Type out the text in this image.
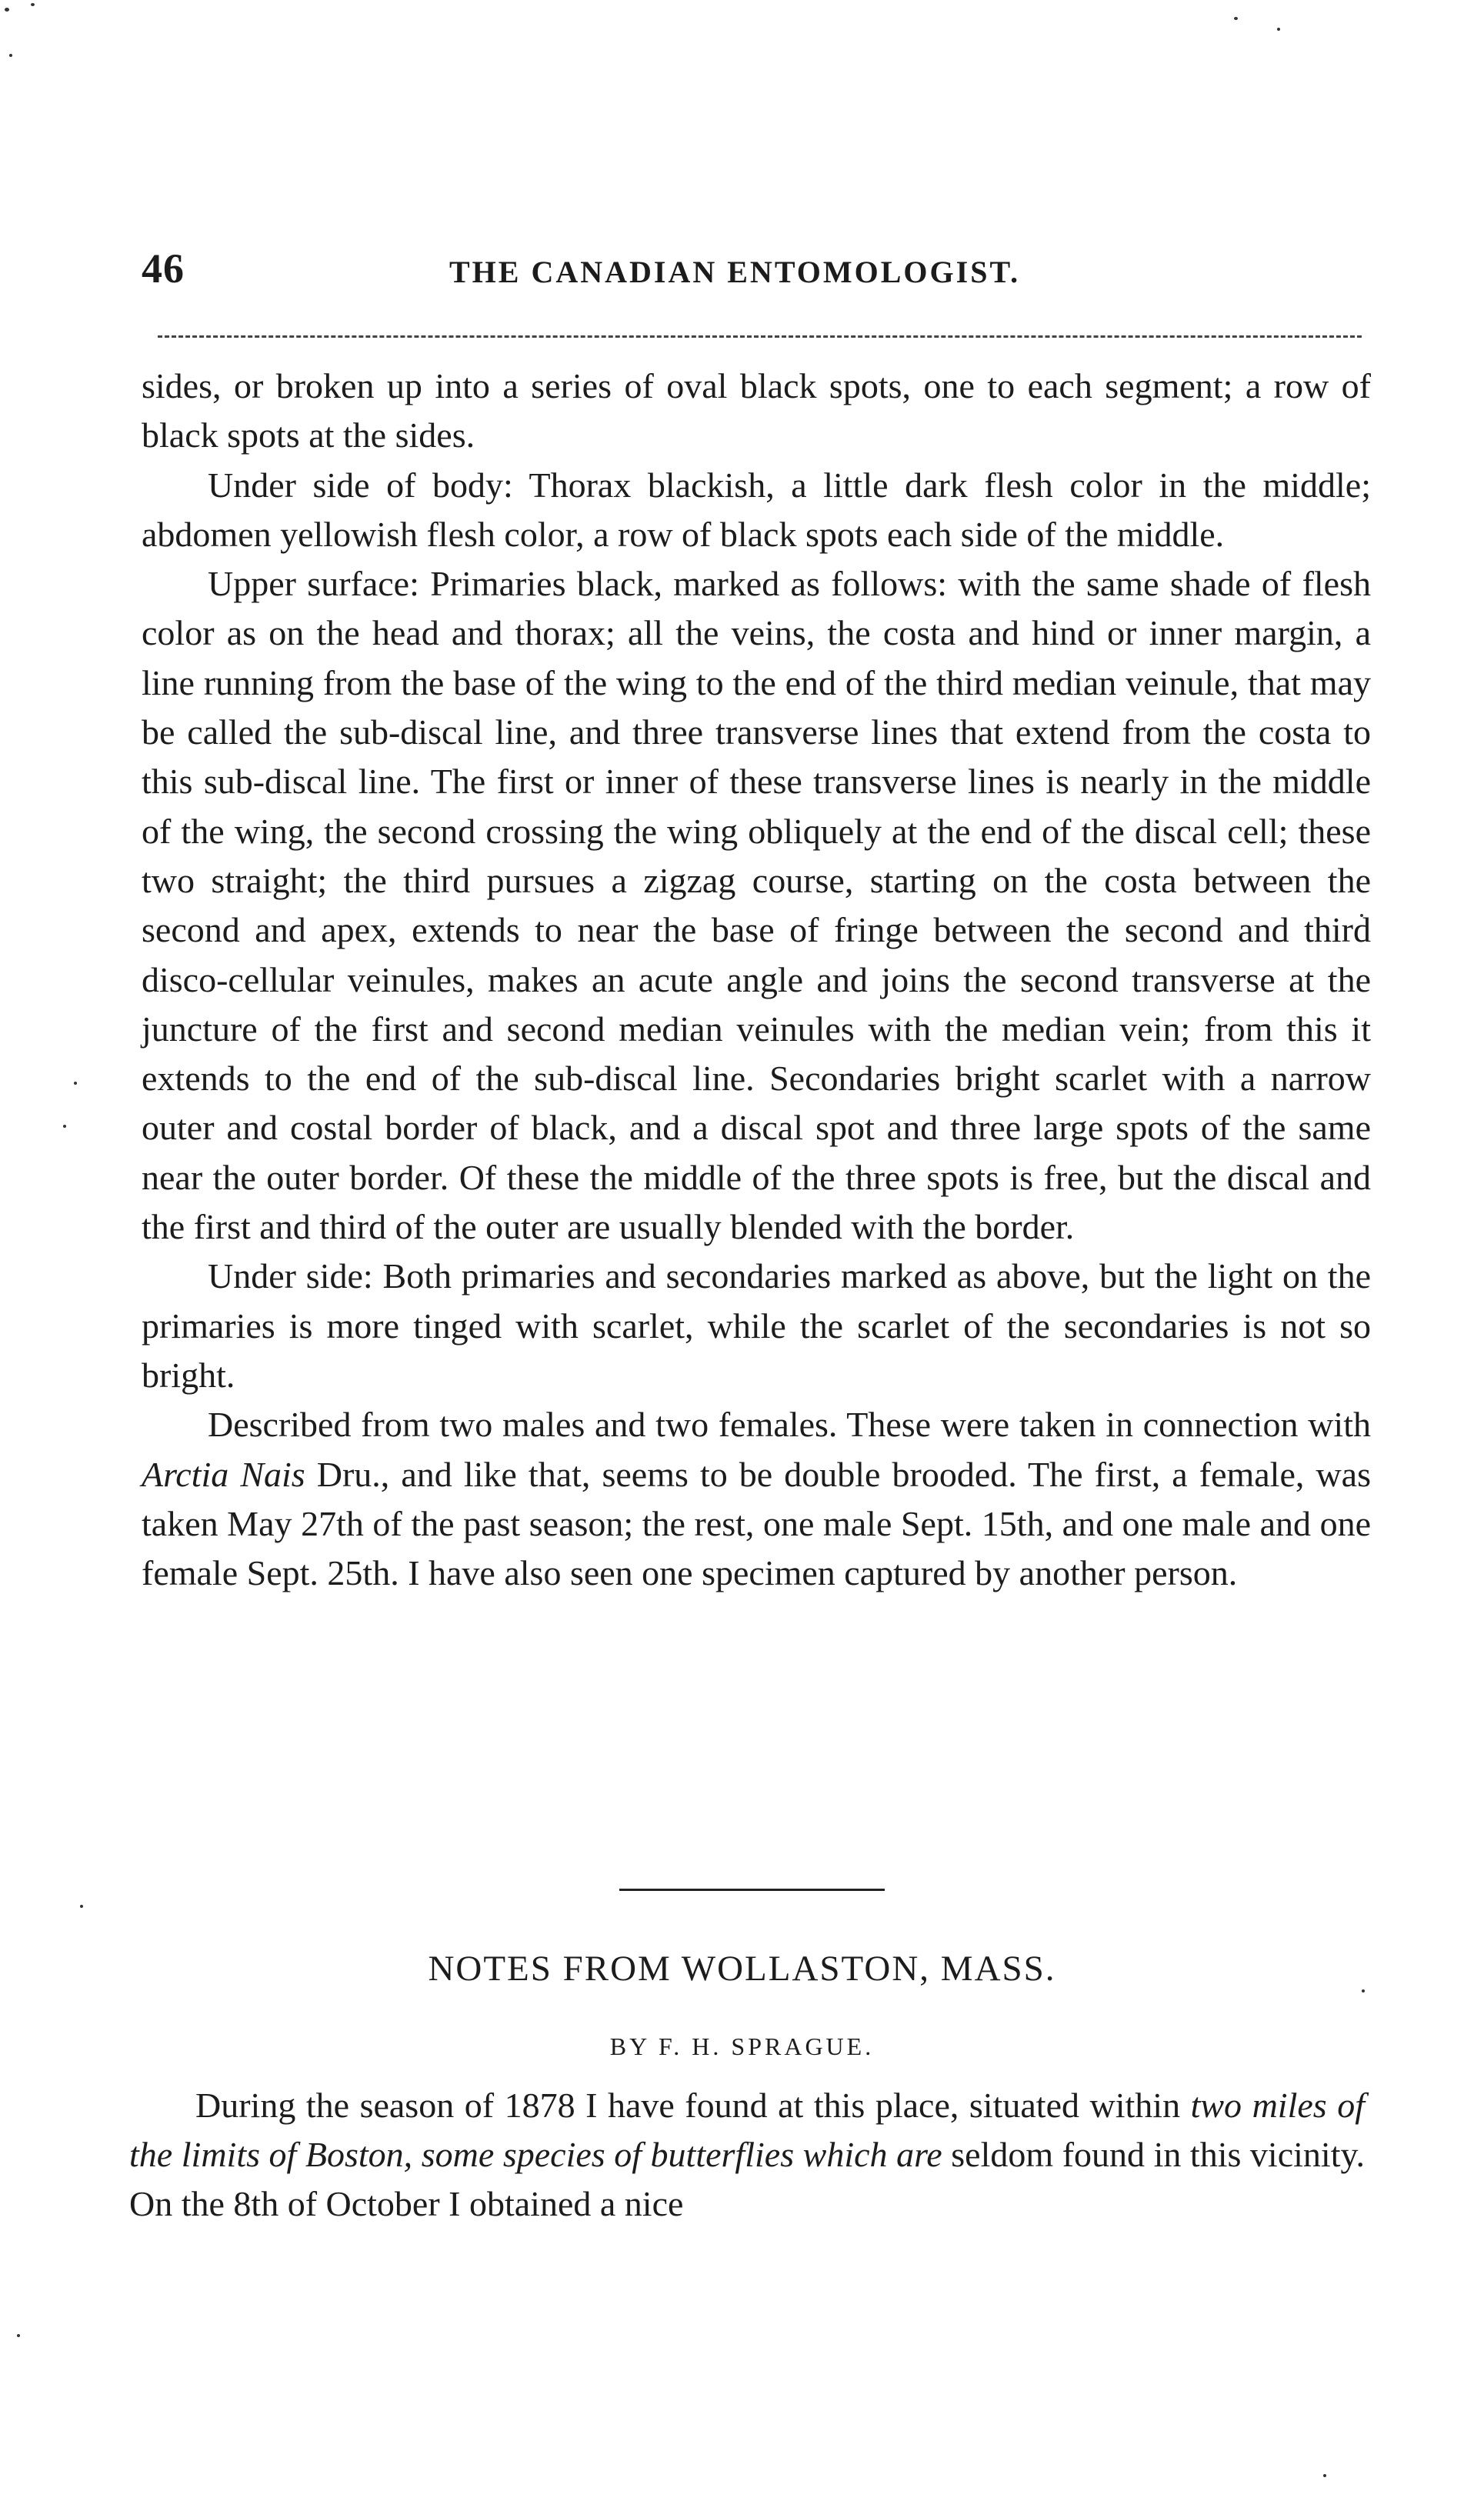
46	THE CANADIAN ENTOMOLOGIST.

sides, or broken up into a series of oval black spots, one to each segment; a row of black spots at the sides.

Under side of body: Thorax blackish, a little dark flesh color in the middle; abdomen yellowish flesh color, a row of black spots each side of the middle.

Upper surface: Primaries black, marked as follows: with the same shade of flesh color as on the head and thorax; all the veins, the costa and hind or inner margin, a line running from the base of the wing to the end of the third median veinule, that may be called the sub-discal line, and three transverse lines that extend from the costa to this sub-discal line. The first or inner of these transverse lines is nearly in the middle of the wing, the second crossing the wing obliquely at the end of the discal cell; these two straight; the third pursues a zigzag course, starting on the costa between the second and apex, extends to near the base of fringe between the second and third disco-cellular veinules, makes an acute angle and joins the second transverse at the juncture of the first and second median veinules with the median vein; from this it extends to the end of the sub-discal line. Secondaries bright scarlet with a narrow outer and costal border of black, and a discal spot and three large spots of the same near the outer border. Of these the middle of the three spots is free, but the discal and the first and third of the outer are usually blended with the border.

Under side: Both primaries and secondaries marked as above, but the light on the primaries is more tinged with scarlet, while the scarlet of the secondaries is not so bright.

Described from two males and two females. These were taken in connection with Arctia Nais Dru., and like that, seems to be double brooded. The first, a female, was taken May 27th of the past season; the rest, one male Sept. 15th, and one male and one female Sept. 25th. I have also seen one specimen captured by another person.

NOTES FROM WOLLASTON, MASS.
BY F. H. SPRAGUE.

During the season of 1878 I have found at this place, situated within two miles of the limits of Boston, some species of butterflies which are seldom found in this vicinity. On the 8th of October I obtained a nice
